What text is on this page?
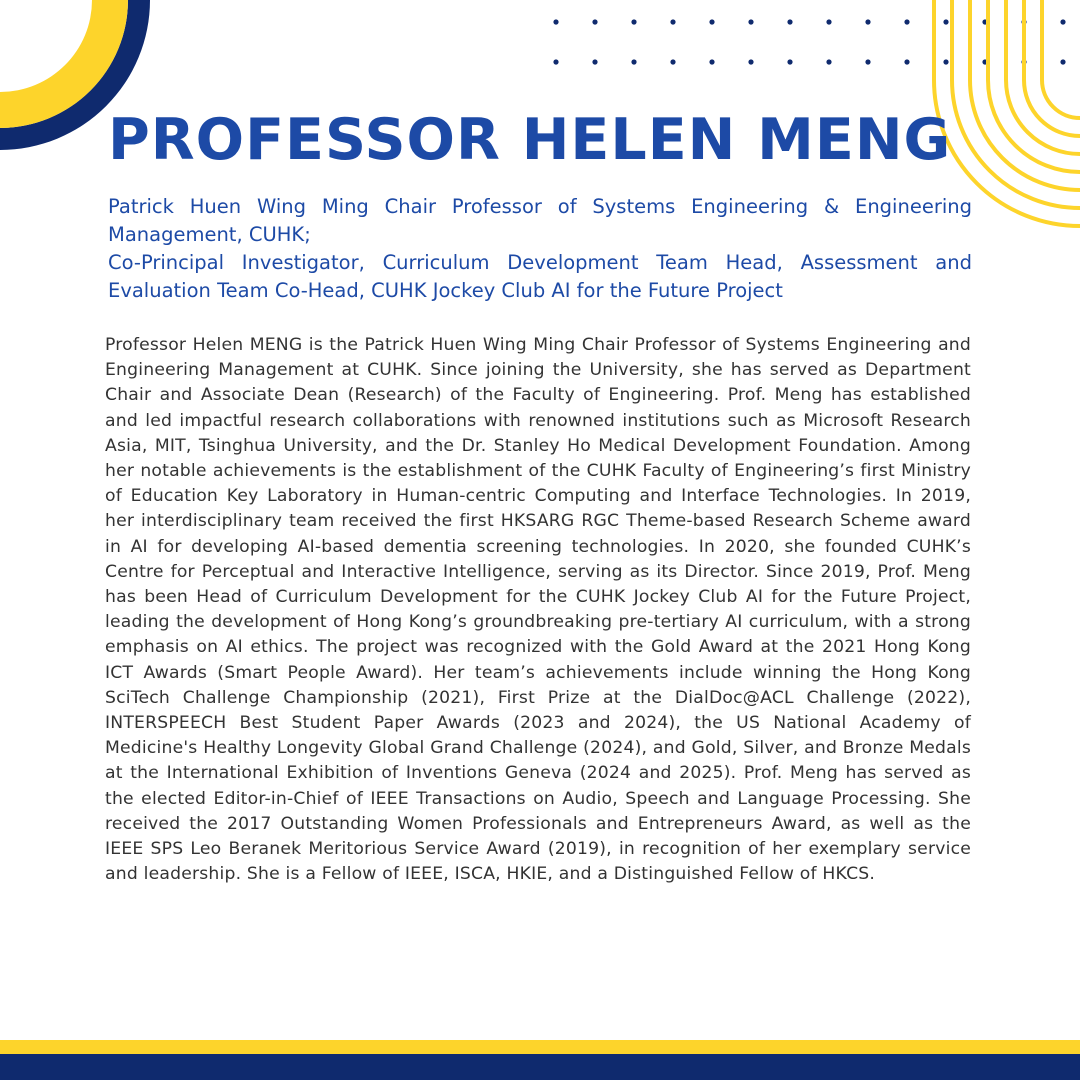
PROFESSOR HELEN MENG
Patrick Huen Wing Ming Chair Professor of Systems Engineering & Engineering Management, CUHK;
Co-Principal Investigator, Curriculum Development Team Head, Assessment and Evaluation Team Co-Head, CUHK Jockey Club AI for the Future Project

Professor Helen MENG is the Patrick Huen Wing Ming Chair Professor of Systems Engineering and Engineering Management at CUHK. Since joining the University, she has served as Department Chair and Associate Dean (Research) of the Faculty of Engineering. Prof. Meng has established and led impactful research collaborations with renowned institutions such as Microsoft Research Asia, MIT, Tsinghua University, and the Dr. Stanley Ho Medical Development Foundation. Among her notable achievements is the establishment of the CUHK Faculty of Engineering’s first Ministry of Education Key Laboratory in Human-centric Computing and Interface Technologies. In 2019, her interdisciplinary team received the first HKSARG RGC Theme-based Research Scheme award in AI for developing AI-based dementia screening technologies. In 2020, she founded CUHK’s Centre for Perceptual and Interactive Intelligence, serving as its Director. Since 2019, Prof. Meng has been Head of Curriculum Development for the CUHK Jockey Club AI for the Future Project, leading the development of Hong Kong’s groundbreaking pre-tertiary AI curriculum, with a strong emphasis on AI ethics. The project was recognized with the Gold Award at the 2021 Hong Kong ICT Awards (Smart People Award). Her team’s achievements include winning the Hong Kong SciTech Challenge Championship (2021), First Prize at the DialDoc@ACL Challenge (2022), INTERSPEECH Best Student Paper Awards (2023 and 2024), the US National Academy of Medicine's Healthy Longevity Global Grand Challenge (2024), and Gold, Silver, and Bronze Medals at the International Exhibition of Inventions Geneva (2024 and 2025). Prof. Meng has served as the elected Editor-in-Chief of IEEE Transactions on Audio, Speech and Language Processing. She received the 2017 Outstanding Women Professionals and Entrepreneurs Award, as well as the IEEE SPS Leo Beranek Meritorious Service Award (2019), in recognition of her exemplary service and leadership. She is a Fellow of IEEE, ISCA, HKIE, and a Distinguished Fellow of HKCS.
